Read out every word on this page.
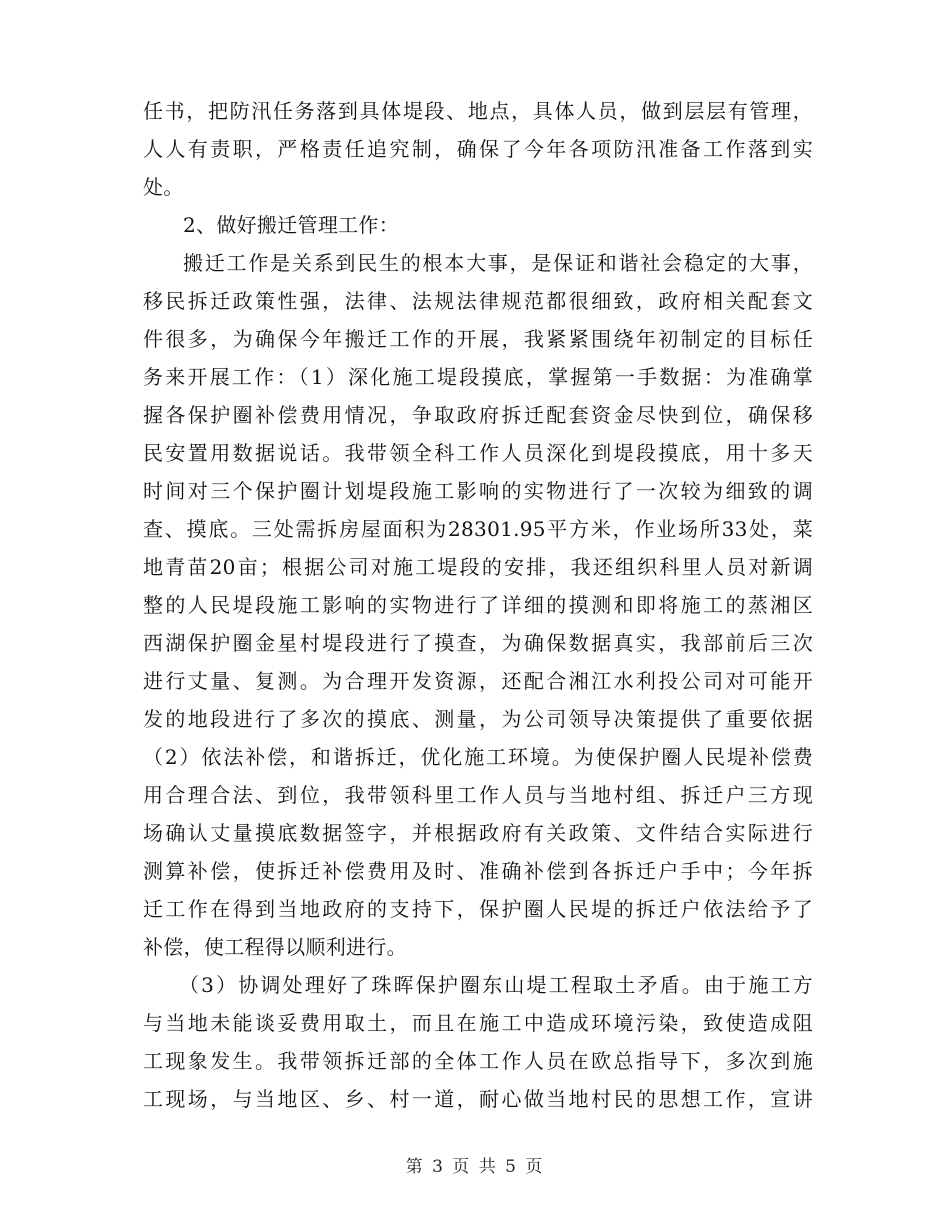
任书，把防汛任务落到具体堤段、地点，具体人员，做到层层有管理，
人人有责职，严格责任追究制，确保了今年各项防汛准备工作落到实
处。
2、做好搬迁管理工作：
搬迁工作是关系到民生的根本大事，是保证和谐社会稳定的大事，
移民拆迁政策性强，法律、法规法律规范都很细致，政府相关配套文
件很多，为确保今年搬迁工作的开展，我紧紧围绕年初制定的目标任
务来开展工作：（1）深化施工堤段摸底，掌握第一手数据：为准确掌
握各保护圈补偿费用情况，争取政府拆迁配套资金尽快到位，确保移
民安置用数据说话。我带领全科工作人员深化到堤段摸底，用十多天
时间对三个保护圈计划堤段施工影响的实物进行了一次较为细致的调
查、摸底。三处需拆房屋面积为28301.95平方米，作业场所33处，菜
地青苗20亩；根据公司对施工堤段的安排，我还组织科里人员对新调
整的人民堤段施工影响的实物进行了详细的摸测和即将施工的蒸湘区
西湖保护圈金星村堤段进行了摸查，为确保数据真实，我部前后三次
进行丈量、复测。为合理开发资源，还配合湘江水利投公司对可能开
发的地段进行了多次的摸底、测量，为公司领导决策提供了重要依据
（2）依法补偿，和谐拆迁，优化施工环境。为使保护圈人民堤补偿费
用合理合法、到位，我带领科里工作人员与当地村组、拆迁户三方现
场确认丈量摸底数据签字，并根据政府有关政策、文件结合实际进行
测算补偿，使拆迁补偿费用及时、准确补偿到各拆迁户手中；今年拆
迁工作在得到当地政府的支持下，保护圈人民堤的拆迁户依法给予了
补偿，使工程得以顺利进行。
（3）协调处理好了珠晖保护圈东山堤工程取土矛盾。由于施工方
与当地未能谈妥费用取土，而且在施工中造成环境污染，致使造成阻
工现象发生。我带领拆迁部的全体工作人员在欧总指导下，多次到施
工现场，与当地区、乡、村一道，耐心做当地村民的思想工作，宣讲
第 3 页 共 5 页
